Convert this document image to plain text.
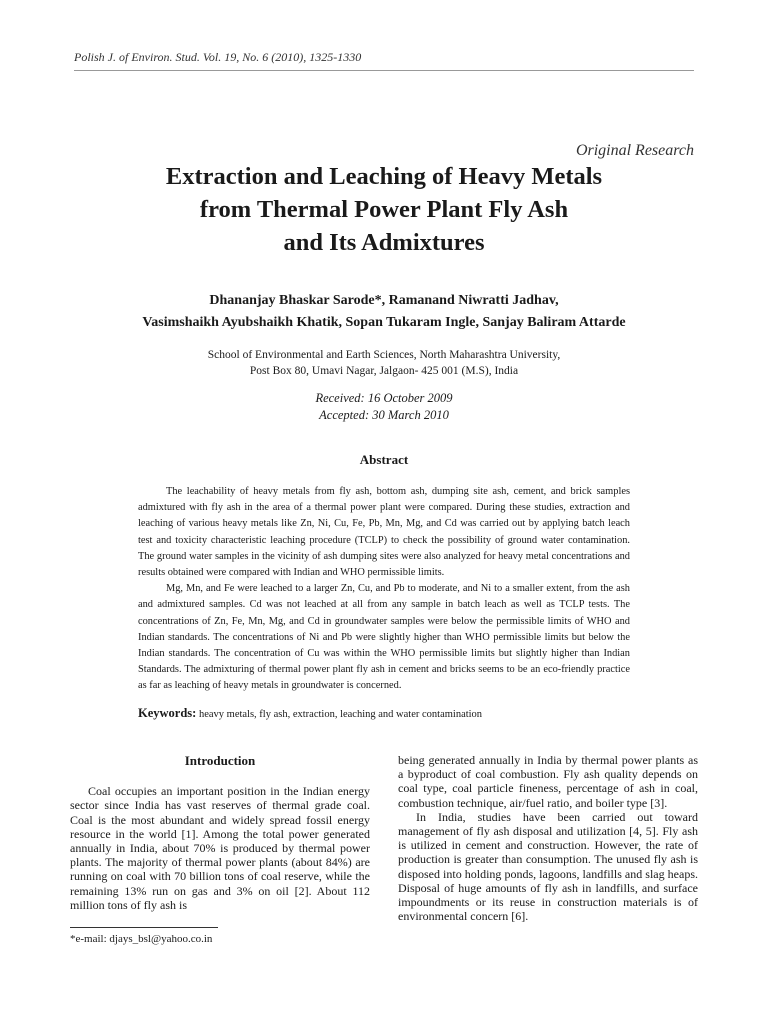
Polish J. of Environ. Stud. Vol. 19, No. 6 (2010), 1325-1330
Original Research
Extraction and Leaching of Heavy Metals
from Thermal Power Plant Fly Ash
and Its Admixtures
Dhananjay Bhaskar Sarode*, Ramanand Niwratti Jadhav,
Vasimshaikh Ayubshaikh Khatik, Sopan Tukaram Ingle, Sanjay Baliram Attarde
School of Environmental and Earth Sciences, North Maharashtra University,
Post Box 80, Umavi Nagar, Jalgaon- 425 001 (M.S), India
Received: 16 October 2009
Accepted: 30 March 2010
Abstract

The leachability of heavy metals from fly ash, bottom ash, dumping site ash, cement, and brick samples admixtured with fly ash in the area of a thermal power plant were compared. During these studies, extraction and leaching of various heavy metals like Zn, Ni, Cu, Fe, Pb, Mn, Mg, and Cd was carried out by applying batch leach test and toxicity characteristic leaching procedure (TCLP) to check the possibility of ground water contamination. The ground water samples in the vicinity of ash dumping sites were also analyzed for heavy metal concentrations and results obtained were compared with Indian and WHO permissible limits.

Mg, Mn, and Fe were leached to a larger Zn, Cu, and Pb to moderate, and Ni to a smaller extent, from the ash and admixtured samples. Cd was not leached at all from any sample in batch leach as well as TCLP tests. The concentrations of Zn, Fe, Mn, Mg, and Cd in groundwater samples were below the permissible limits of WHO and Indian standards. The concentrations of Ni and Pb were slightly higher than WHO permissible limits but below the Indian standards. The concentration of Cu was within the WHO permissible limits but slightly higher than Indian Standards. The admixturing of thermal power plant fly ash in cement and bricks seems to be an eco-friendly practice as far as leaching of heavy metals in groundwater is concerned.

Keywords: heavy metals, fly ash, extraction, leaching and water contamination
Introduction

Coal occupies an important position in the Indian energy sector since India has vast reserves of thermal grade coal. Coal is the most abundant and widely spread fossil energy resource in the world [1]. Among the total power generated annually in India, about 70% is produced by thermal power plants. The majority of thermal power plants (about 84%) are running on coal with 70 billion tons of coal reserve, while the remaining 13% run on gas and 3% on oil [2]. About 112 million tons of fly ash is

being generated annually in India by thermal power plants as a byproduct of coal combustion. Fly ash quality depends on coal type, coal particle fineness, percentage of ash in coal, combustion technique, air/fuel ratio, and boiler type [3].

In India, studies have been carried out toward management of fly ash disposal and utilization [4, 5]. Fly ash is utilized in cement and construction. However, the rate of production is greater than consumption. The unused fly ash is disposed into holding ponds, lagoons, landfills and slag heaps. Disposal of huge amounts of fly ash in landfills, and surface impoundments or its reuse in construction materials is of environmental concern [6].

*e-mail: djays_bsl@yahoo.co.in
